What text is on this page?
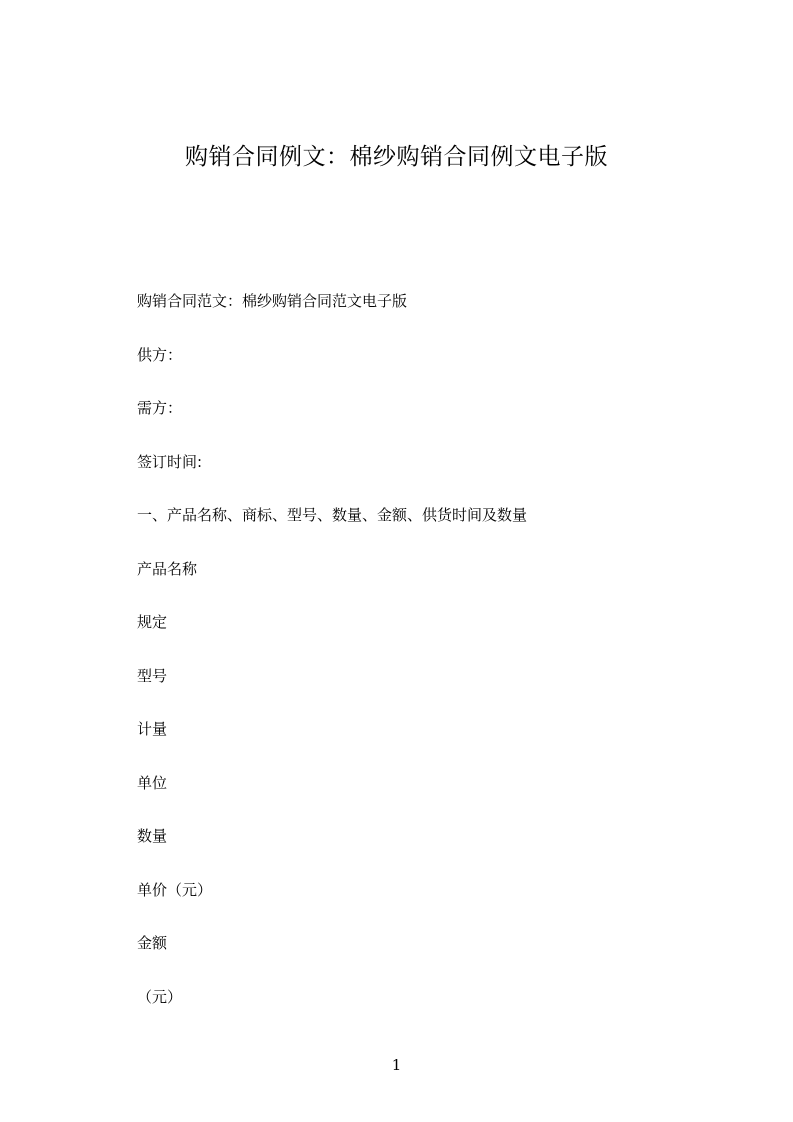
购销合同例文：棉纱购销合同例文电子版
购销合同范文：棉纱购销合同范文电子版
供方：
需方：
签订时间:
一、产品名称、商标、型号、数量、金额、供货时间及数量
产品名称
规定
型号
计量
单位
数量
单价（元）
金额
（元）
1
